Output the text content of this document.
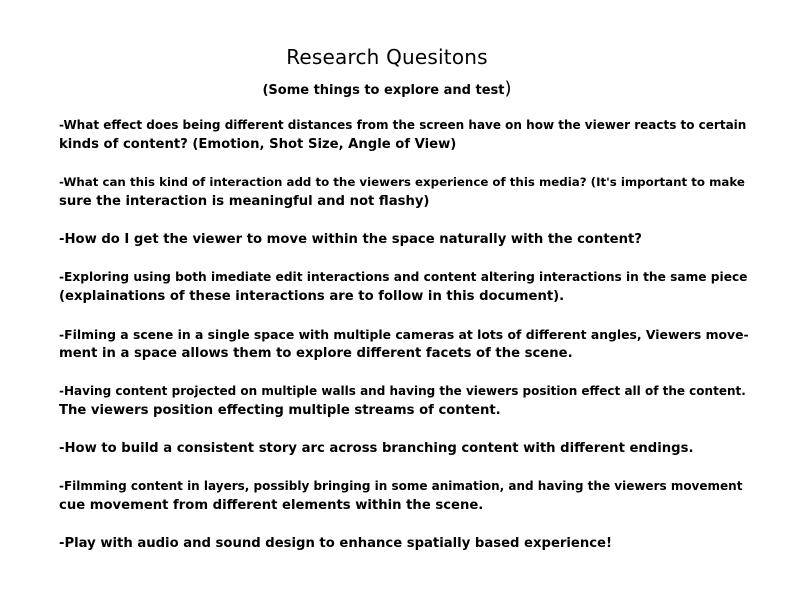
Research Quesitons
(Some things to explore and test)
-What effect does being different distances from the screen have on how the viewer reacts to certain
kinds of content? (Emotion, Shot Size, Angle of View)
-What can this kind of interaction add to the viewers experience of this media? (It's important to make
sure the interaction is meaningful and not flashy)
-How do I get the viewer to move within the space naturally with the content?
-Exploring using both imediate edit interactions and content altering interactions in the same piece
(explainations of these interactions are to follow in this document).
-Filming a scene in a single space with multiple cameras at lots of different angles, Viewers move-
ment in a space allows them to explore different facets of the scene.
-Having content projected on multiple walls and having the viewers position effect all of the content.
The viewers position effecting multiple streams of content.
-How to build a consistent story arc across branching content with different endings.
-Filmming content in layers, possibly bringing in some animation, and having the viewers movement
cue movement from different elements within the scene.
-Play with audio and sound design to enhance spatially based experience!
